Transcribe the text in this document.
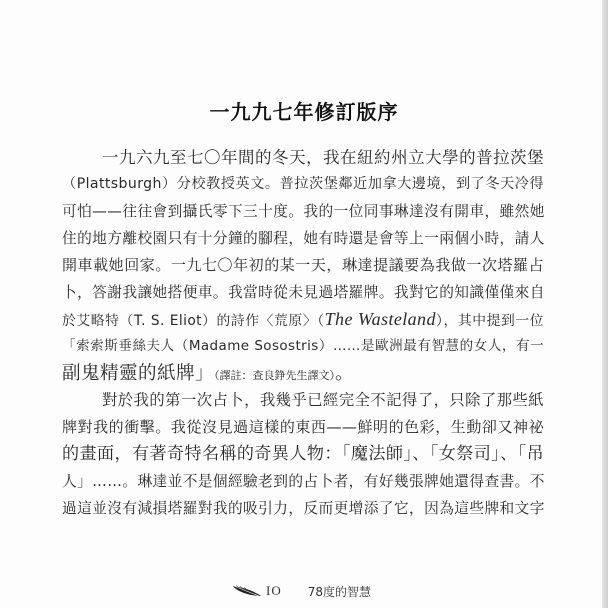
一九九七年修訂版序
一九六九至七〇年間的冬天，我在紐約州立大學的普拉茨堡
（Plattsburgh）分校教授英文。普拉茨堡鄰近加拿大邊境，到了冬天冷得
可怕——往往會到攝氏零下三十度。我的一位同事琳達沒有開車，雖然她
住的地方離校園只有十分鐘的腳程，她有時還是會等上一兩個小時，請人
開車載她回家。一九七〇年初的某一天，琳達提議要為我做一次塔羅占
卜，答謝我讓她搭便車。我當時從未見過塔羅牌。我對它的知識僅僅來自
於艾略特（T. S. Eliot）的詩作〈荒原〉（The Wasteland），其中提到一位
「索索斯垂絲夫人（Madame Sosostris）……是歐洲最有智慧的女人，有一
副鬼精靈的紙牌」（譯註：查良錚先生譯文）。
對於我的第一次占卜，我幾乎已經完全不記得了，只除了那些紙
牌對我的衝擊。我從沒見過這樣的東西——鮮明的色彩，生動卻又神祕
的畫面，有著奇特名稱的奇異人物：「魔法師」、「女祭司」、「吊
人」……。琳達並不是個經驗老到的占卜者，有好幾張牌她還得查書。不
過這並沒有減損塔羅對我的吸引力，反而更增添了它，因為這些牌和文字
IO 78度的智慧
